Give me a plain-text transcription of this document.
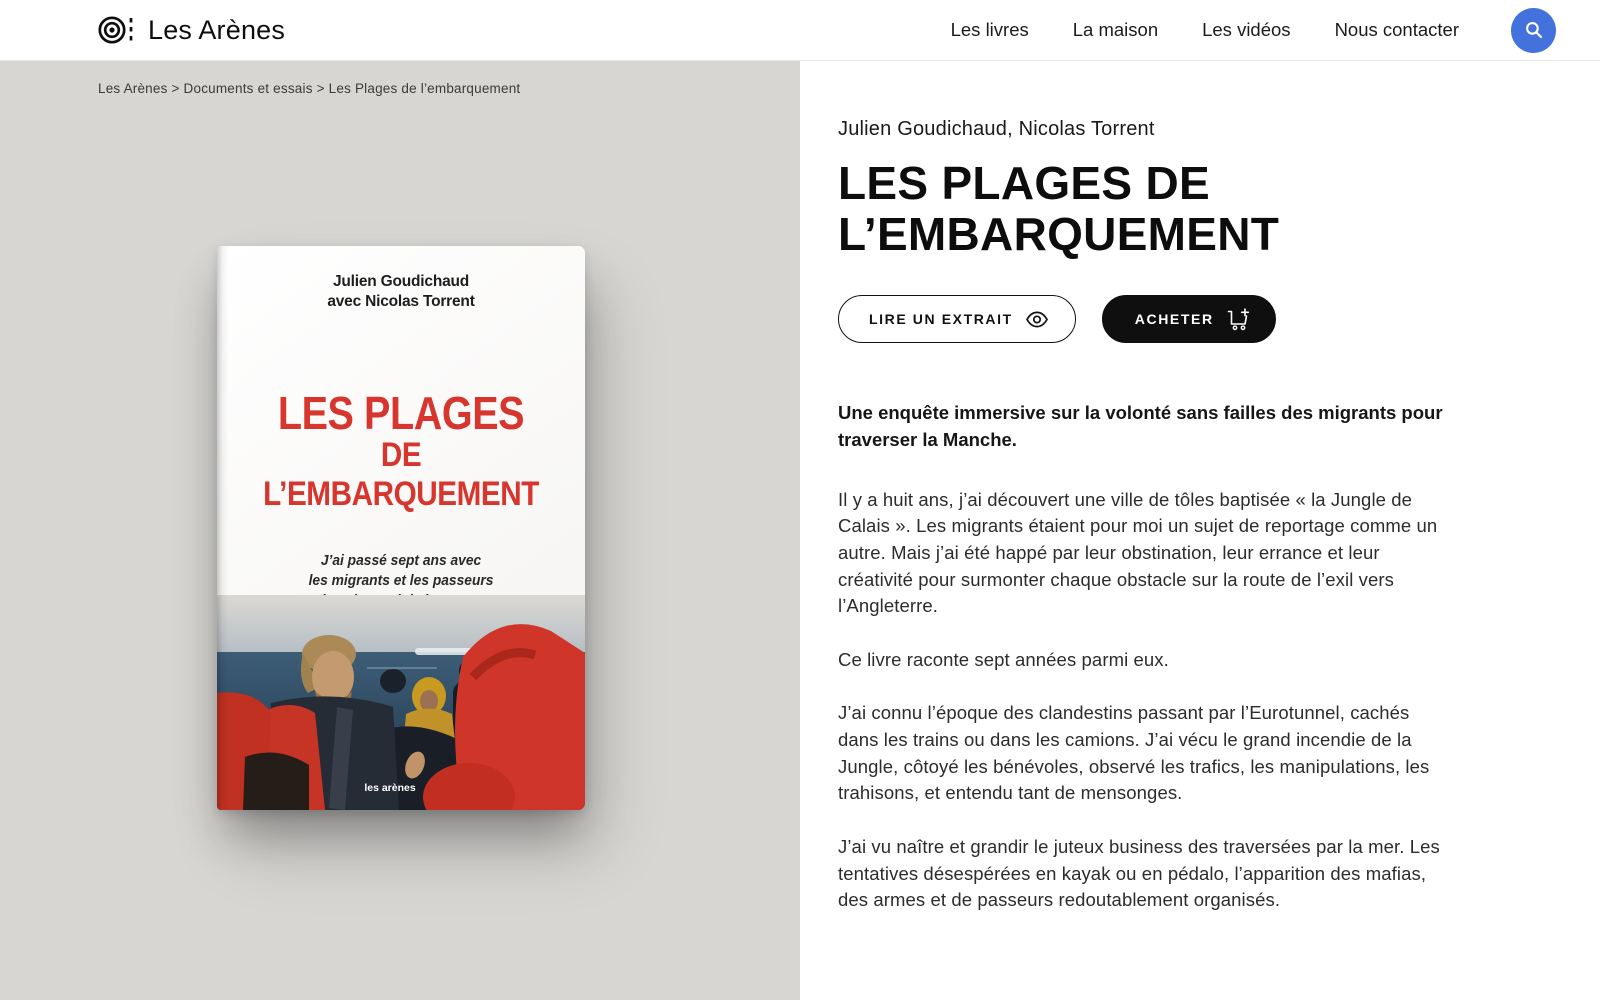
Les Arènes	Les livres La maison Les vidéos Nous contacter
Les Arènes > Documents et essais > Les Plages de l’embarquement
Julien Goudichaud
avec Nicolas Torrent
LES PLAGES
DE L’EMBARQUEMENT
J’ai passé sept ans avec
les migrants et les passeurs

les arènes
Julien Goudichaud, Nicolas Torrent
LES PLAGES DE L’EMBARQUEMENT
LIRE UN EXTRAIT	ACHETER

Une enquête immersive sur la volonté sans failles des migrants pour traverser la Manche.

Il y a huit ans, j’ai découvert une ville de tôles baptisée « la Jungle de Calais ». Les migrants étaient pour moi un sujet de reportage comme un autre. Mais j’ai été happé par leur obstination, leur errance et leur créativité pour surmonter chaque obstacle sur la route de l’exil vers l’Angleterre.

Ce livre raconte sept années parmi eux.

J’ai connu l’époque des clandestins passant par l’Eurotunnel, cachés dans les trains ou dans les camions. J’ai vécu le grand incendie de la Jungle, côtoyé les bénévoles, observé les trafics, les manipulations, les trahisons, et entendu tant de mensonges.

J’ai vu naître et grandir le juteux business des traversées par la mer. Les tentatives désespérées en kayak ou en pédalo, l’apparition des mafias, des armes et de passeurs redoutablement organisés.
